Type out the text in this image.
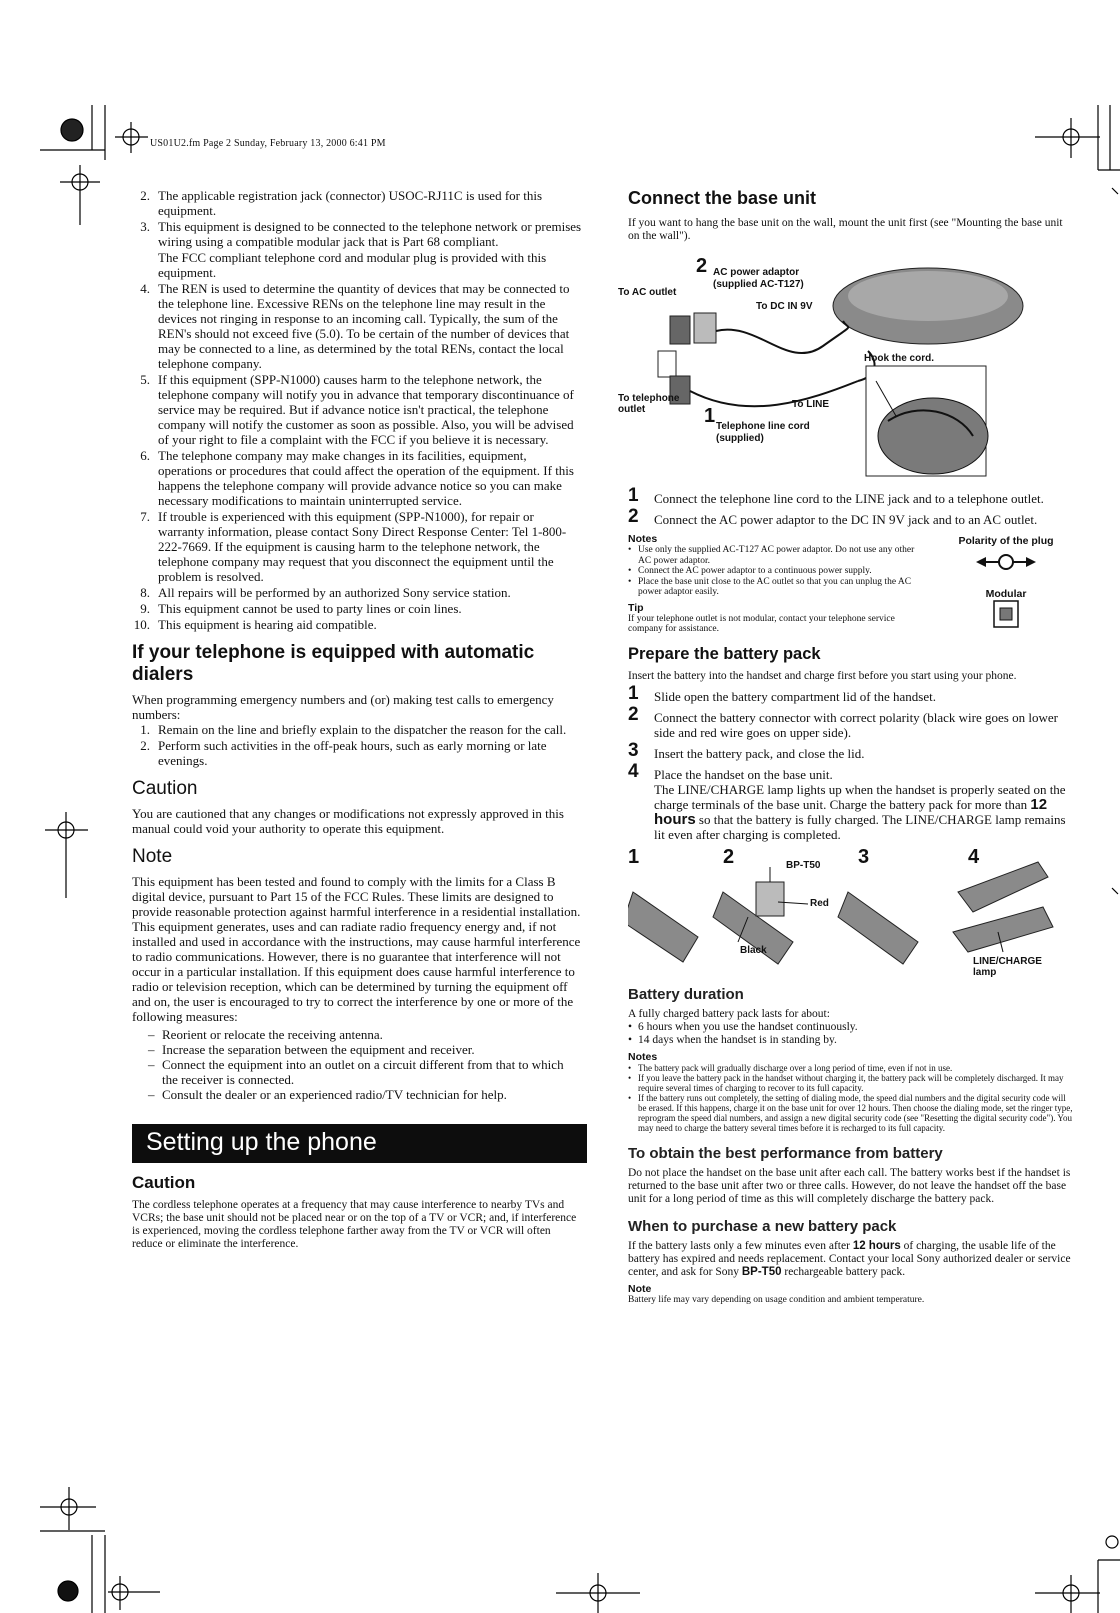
US01U2.fm Page 2 Sunday, February 13, 2000 6:41 PM
2. The applicable registration jack (connector) USOC-RJ11C is used for this equipment.
3. This equipment is designed to be connected to the telephone network or premises wiring using a compatible modular jack that is Part 68 compliant.
The FCC compliant telephone cord and modular plug is provided with this equipment.
4. The REN is used to determine the quantity of devices that may be connected to the telephone line. Excessive RENs on the telephone line may result in the devices not ringing in response to an incoming call. Typically, the sum of the REN's should not exceed five (5.0). To be certain of the number of devices that may be connected to a line, as determined by the total RENs, contact the local telephone company.
5. If this equipment (SPP-N1000) causes harm to the telephone network, the telephone company will notify you in advance that temporary discontinuance of service may be required. But if advance notice isn't practical, the telephone company will notify the customer as soon as possible. Also, you will be advised of your right to file a complaint with the FCC if you believe it is necessary.
6. The telephone company may make changes in its facilities, equipment, operations or procedures that could affect the operation of the equipment. If this happens the telephone company will provide advance notice so you can make necessary modifications to maintain uninterrupted service.
7. If trouble is experienced with this equipment (SPP-N1000), for repair or warranty information, please contact Sony Direct Response Center: Tel 1-800-222-7669. If the equipment is causing harm to the telephone network, the telephone company may request that you disconnect the equipment until the problem is resolved.
8. All repairs will be performed by an authorized Sony service station.
9. This equipment cannot be used to party lines or coin lines.
10. This equipment is hearing aid compatible.
If your telephone is equipped with automatic dialers

When programming emergency numbers and (or) making test calls to emergency numbers:

1. Remain on the line and briefly explain to the dispatcher the reason for the call.
2. Perform such activities in the off-peak hours, such as early morning or late evenings.
Caution

You are cautioned that any changes or modifications not expressly approved in this manual could void your authority to operate this equipment.

Note

This equipment has been tested and found to comply with the limits for a Class B digital device, pursuant to Part 15 of the FCC Rules. These limits are designed to provide reasonable protection against harmful interference in a residential installation. This equipment generates, uses and can radiate radio frequency energy and, if not installed and used in accordance with the instructions, may cause harmful interference to radio communications. However, there is no guarantee that interference will not occur in a particular installation. If this equipment does cause harmful interference to radio or television reception, which can be determined by turning the equipment off and on, the user is encouraged to try to correct the interference by one or more of the following measures:

– Reorient or relocate the receiving antenna.
– Increase the separation between the equipment and receiver.
– Connect the equipment into an outlet on a circuit different from that to which the receiver is connected.
– Consult the dealer or an experienced radio/TV technician for help.
Setting up the phone
Caution

The cordless telephone operates at a frequency that may cause interference to nearby TVs and VCRs; the base unit should not be placed near or on the top of a TV or VCR; and, if interference is experienced, moving the cordless telephone farther away from the TV or VCR will often reduce or eliminate the interference.

Connect the base unit

If you want to hang the base unit on the wall, mount the unit first (see "Mounting the base unit on the wall").

2 AC power adaptor
(supplied AC-T127)
To AC outlet
To DC IN 9V
Hook the cord.
To telephone
outlet	To LINE
1 Telephone line cord
(supplied)
1 Connect the telephone line cord to the LINE jack and to a telephone outlet.
2 Connect the AC power adaptor to the DC IN 9V jack and to an AC outlet.
Notes
• Use only the supplied AC-T127 AC power adaptor. Do not use any other AC power adaptor.
• Connect the AC power adaptor to a continuous power supply.
• Place the base unit close to the AC outlet so that you can unplug the AC power adaptor easily.
Tip

If your telephone outlet is not modular, contact your telephone service company for assistance.

Polarity of the plug
Modular
Prepare the battery pack

Insert the battery into the handset and charge first before you start using your phone.

1 Slide open the battery compartment lid of the handset.
2 Connect the battery connector with correct polarity (black wire goes on lower side and red wire goes on upper side).
3 Insert the battery pack, and close the lid.
4 Place the handset on the base unit.
The LINE/CHARGE lamp lights up when the handset is properly seated on the charge terminals of the base unit. Charge the battery pack for more than 12 hours so that the battery is fully charged. The LINE/CHARGE lamp remains lit even after charging is completed.
1	2	BP-T50 3	4
Red
Black
LINE/CHARGE
lamp
Battery duration

A fully charged battery pack lasts for about:

• 6 hours when you use the handset continuously.
• 14 days when the handset is in standing by.
Notes
• The battery pack will gradually discharge over a long period of time, even if not in use.
• If you leave the battery pack in the handset without charging it, the battery pack will be completely discharged. It may require several times of charging to recover to its full capacity.
• If the battery runs out completely, the setting of dialing mode, the speed dial numbers and the digital security code will be erased. If this happens, charge it on the base unit for over 12 hours. Then choose the dialing mode, set the ringer type, reprogram the speed dial numbers, and assign a new digital security code (see "Resetting the digital security code"). You may need to charge the battery several times before it is recharged to its full capacity.
To obtain the best performance from battery

Do not place the handset on the base unit after each call. The battery works best if the handset is returned to the base unit after two or three calls. However, do not leave the handset off the base unit for a long period of time as this will completely discharge the battery pack.

When to purchase a new battery pack

If the battery lasts only a few minutes even after 12 hours of charging, the usable life of the battery has expired and needs replacement. Contact your local Sony authorized dealer or service center, and ask for Sony BP-T50 rechargeable battery pack.

Note

Battery life may vary depending on usage condition and ambient temperature.
